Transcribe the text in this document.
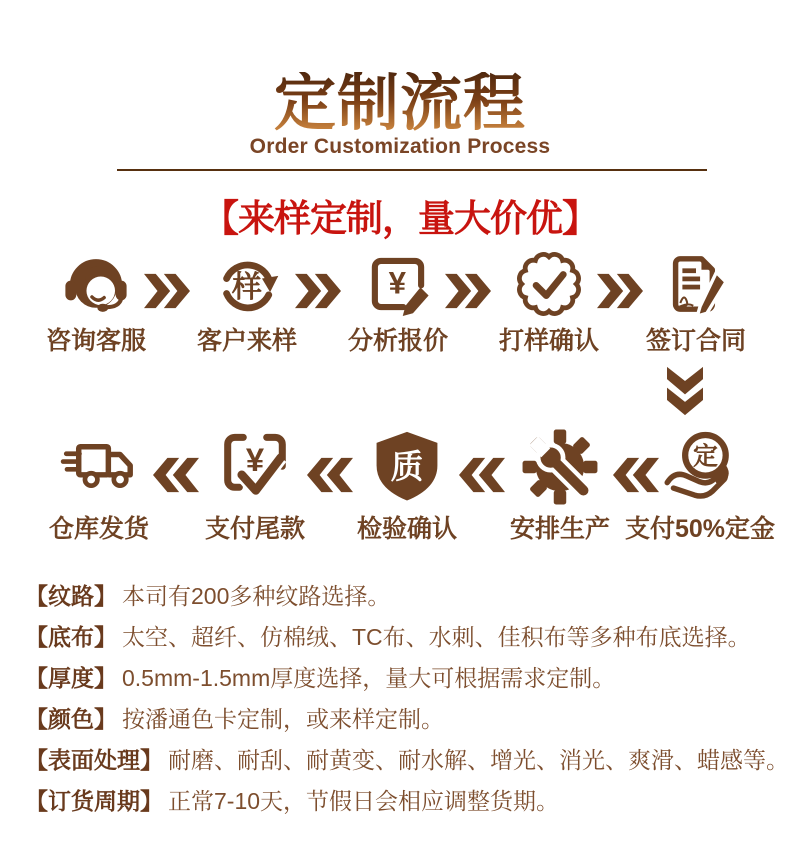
定制流程
Order Customization Process
【来样定制，量大价优】
咨询客服
样
客户来样
¥
分析报价 打样确认 签订合同
仓库发货
¥
支付尾款
质
检验确认 安排生产
定
支付50%定金
【纹路】 本司有200多种纹路选择。
【底布】 太空、超纤、仿棉绒、TC布、水刺、佳积布等多种布底选择。
【厚度】 0.5mm-1.5mm厚度选择，量大可根据需求定制。
【颜色】 按潘通色卡定制，或来样定制。
【表面处理】 耐磨、耐刮、耐黄变、耐水解、增光、消光、爽滑、蜡感等。
【订货周期】 正常7-10天，节假日会相应调整货期。
